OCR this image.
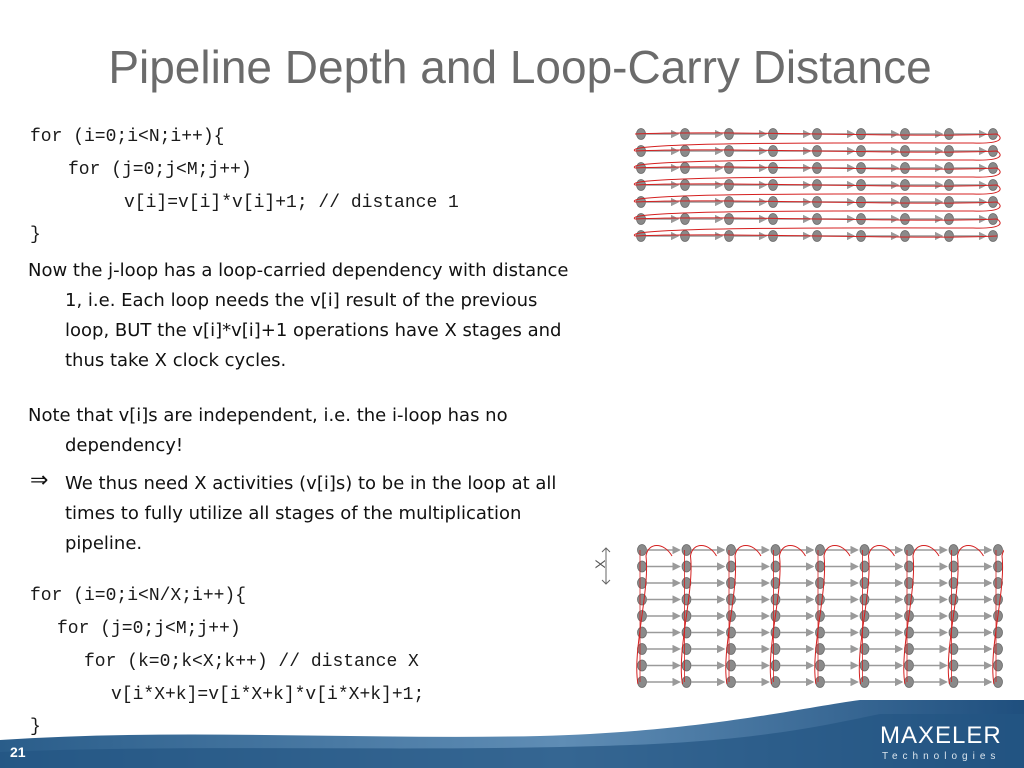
Pipeline Depth and Loop-Carry Distance

for (i=0;i<N;i++){

for (j=0;j<M;j++)

v[i]=v[i]*v[i]+1; // distance 1

}

Now the j-loop has a loop-carried dependency with distance
1, i.e. Each loop needs the v[i] result of the previous
loop, BUT the v[i]*v[i]+1 operations have X stages and
thus take X clock cycles.
Note that v[i]s are independent, i.e. the i-loop has no
dependency!
⇒ We thus need X activities (v[i]s) to be in the loop at all
times to fully utilize all stages of the multiplication
pipeline.

for (i=0;i<N/X;i++){

for (j=0;j<M;j++)

for (k=0;k<X;k++) // distance X

v[i*X+k]=v[i*X+k]*v[i*X+k]+1;

}

X
21
MAXELER
Technologies
